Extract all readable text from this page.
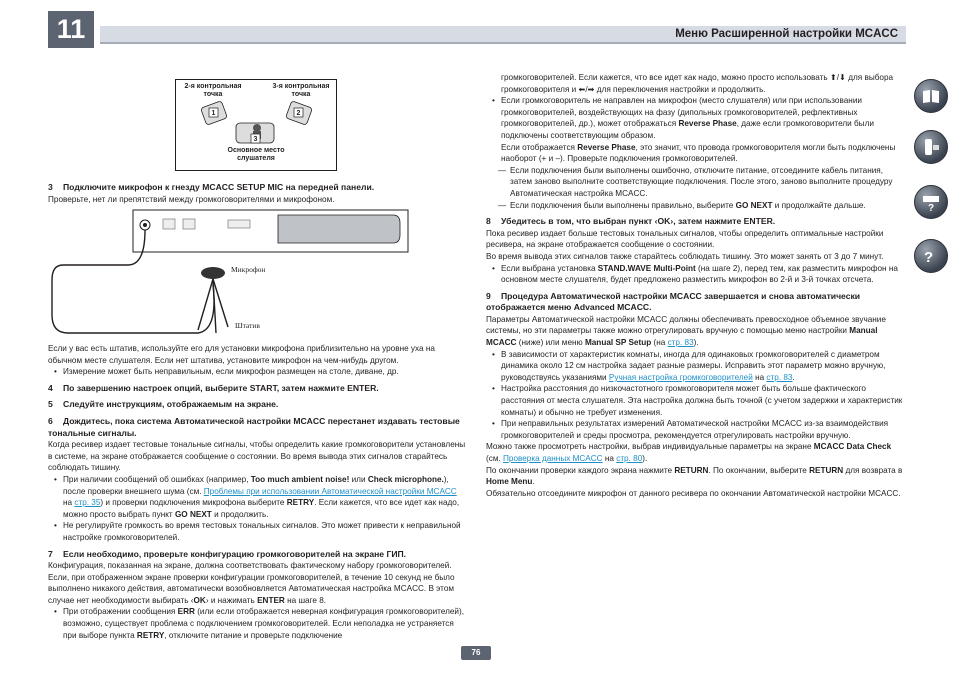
11	Меню Расширенной настройки MCACC
2-я контрольная точка
3-я контрольная точка
1	2
3
Основное место слушателя
Микрофон
Штатив

3 Подключите микрофон к гнезду MCACC SETUP MIC на передней панели.

Проверьте, нет ли препятствий между громкоговорителями и микрофоном.

Если у вас есть штатив, используйте его для установки микрофона приблизительно на уровне уха на обычном месте слушателя. Если нет штатива, установите микрофон на чем-нибудь другом.

• Измерение может быть неправильным, если микрофон размещен на столе, диване, др.

4 По завершению настроек опций, выберите START, затем нажмите ENTER.

5 Следуйте инструкциям, отображаемым на экране.

6 Дождитесь, пока система Автоматической настройки MCACC перестанет издавать тестовые тональные сигналы.

Когда ресивер издает тестовые тональные сигналы, чтобы определить какие громкоговорители установлены в системе, на экране отображается сообщение о состоянии. Во время вывода этих сигналов старайтесь соблюдать тишину.

• При наличии сообщений об ошибках (например, Too much ambient noise! или Check microphone.), после проверки внешнего шума (см. Проблемы при использовании Автоматической настройки MCACC на стр. 35) и проверки подключения микрофона выберите RETRY. Если кажется, что все идет как надо, можно просто выбрать пункт GO NEXT и продолжить.

• Не регулируйте громкость во время тестовых тональных сигналов. Это может привести к неправильной настройке громкоговорителей.

7 Если необходимо, проверьте конфигурацию громкоговорителей на экране ГИП.

Конфигурация, показанная на экране, должна соответствовать фактическому набору громкоговорителей.

Если, при отображенном экране проверки конфигурации громкоговорителей, в течение 10 секунд не было выполнено никакого действия, автоматически возобновляется Автоматическая настройка MCACC. В этом случае нет необходимости выбирать ‹OK› и нажимать ENTER на шаге 8.

• При отображении сообщения ERR (или если отображается неверная конфигурация громкоговорителей), возможно, существует проблема с подключением громкоговорителей. Если неполадка не устраняется при выборе пункта RETRY, отключите питание и проверьте подключение

громкоговорителей. Если кажется, что все идет как надо, можно просто использовать ⬆/⬇ для выбора громкоговорителя и ⬅/➡ для переключения настройки и продолжить.

• Если громкоговоритель не направлен на микрофон (место слушателя) или при использовании громкоговорителей, воздействующих на фазу (дипольных громкоговорителей, рефлективных громкоговорителей, др.), может отображаться Reverse Phase, даже если громкоговорители были подключены соответствующим образом.

Если отображается Reverse Phase, это значит, что провода громкоговорителя могли быть подключены наоборот (+ и –). Проверьте подключения громкоговорителей.

— Если подключения были выполнены ошибочно, отключите питание, отсоедините кабель питания, затем заново выполните соответствующие подключения. После этого, заново выполните процедуру Автоматическая настройка MCACC.

— Если подключения были выполнены правильно, выберите GO NEXT и продолжайте дальше.

8 Убедитесь в том, что выбран пункт ‹OK›, затем нажмите ENTER.

Пока ресивер издает больше тестовых тональных сигналов, чтобы определить оптимальные настройки ресивера, на экране отображается сообщение о состоянии.

Во время вывода этих сигналов также старайтесь соблюдать тишину. Это может занять от 3 до 7 минут.

• Если выбрана установка STAND.WAVE Multi-Point (на шаге 2), перед тем, как разместить микрофон на основном месте слушателя, будет предложено разместить микрофон во 2-й и 3-й точках отсчета.

9 Процедура Автоматической настройки MCACC завершается и снова автоматически отображается меню Advanced MCACC.

Параметры Автоматической настройки MCACC должны обеспечивать превосходное объемное звучание системы, но эти параметры также можно отрегулировать вручную с помощью меню настройки Manual MCACC (ниже) или меню Manual SP Setup (на стр. 83).

• В зависимости от характеристик комнаты, иногда для одинаковых громкоговорителей с диаметром динамика около 12 см настройка задает разные размеры. Исправить этот параметр можно вручную, руководствуясь указаниями Ручная настройка громкоговорителей на стр. 83.

• Настройка расстояния до низкочастотного громкоговорителя может быть больше фактического расстояния от места слушателя. Эта настройка должна быть точной (с учетом задержки и характеристик комнаты) и обычно не требует изменения.

• При неправильных результатах измерений Автоматической настройки MCACC из-за взаимодействия громкоговорителей и среды просмотра, рекомендуется отрегулировать настройки вручную.

Можно также просмотреть настройки, выбрав индивидуальные параметры на экране MCACC Data Check (см. Проверка данных MCACC на стр. 80).

По окончании проверки каждого экрана нажмите RETURN. По окончании, выберите RETURN для возврата в Home Menu.

Обязательно отсоедините микрофон от данного ресивера по окончании Автоматической настройки MCACC.

?
?
76
